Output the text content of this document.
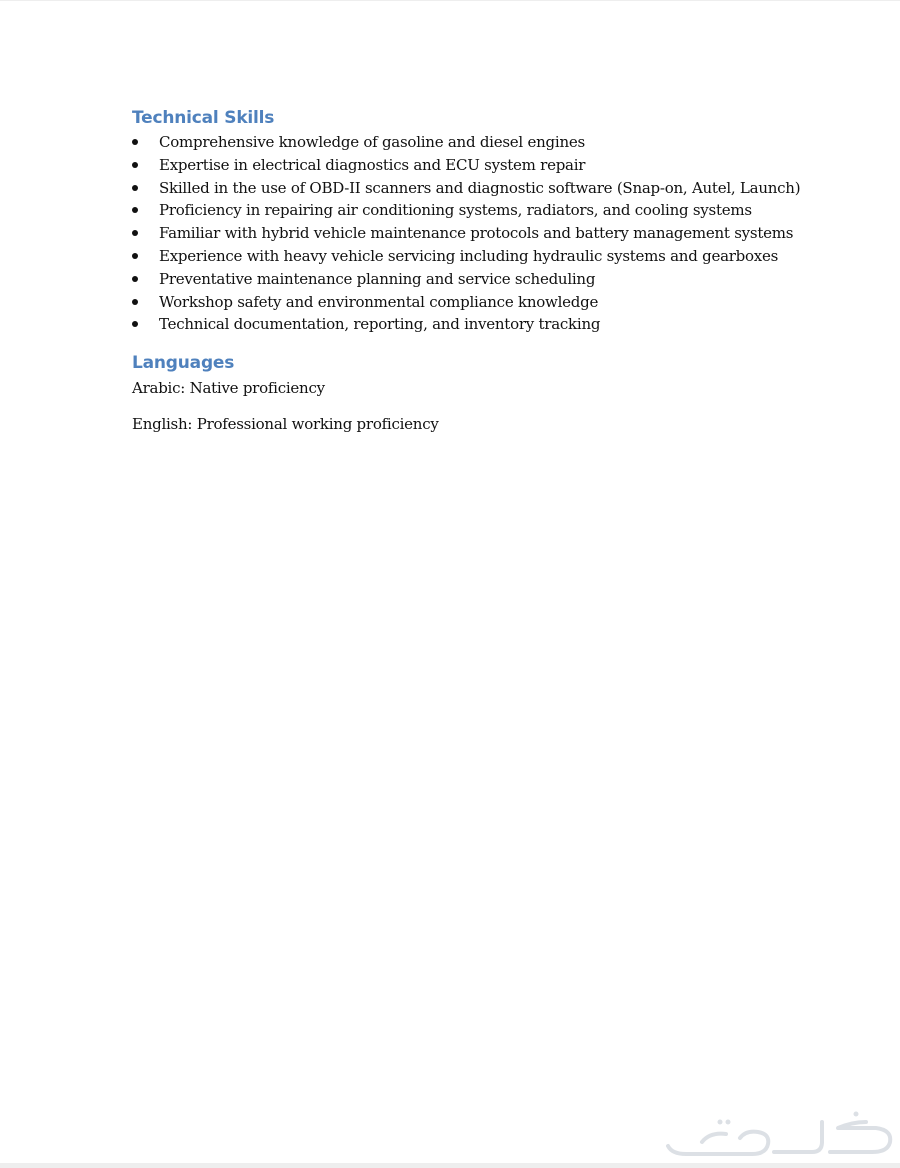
Technical Skills
Comprehensive knowledge of gasoline and diesel engines
Expertise in electrical diagnostics and ECU system repair
Skilled in the use of OBD-II scanners and diagnostic software (Snap-on, Autel, Launch)
Proficiency in repairing air conditioning systems, radiators, and cooling systems
Familiar with hybrid vehicle maintenance protocols and battery management systems
Experience with heavy vehicle servicing including hydraulic systems and gearboxes
Preventative maintenance planning and service scheduling
Workshop safety and environmental compliance knowledge
Technical documentation, reporting, and inventory tracking
Languages

Arabic: Native proficiency

English: Professional working proficiency
